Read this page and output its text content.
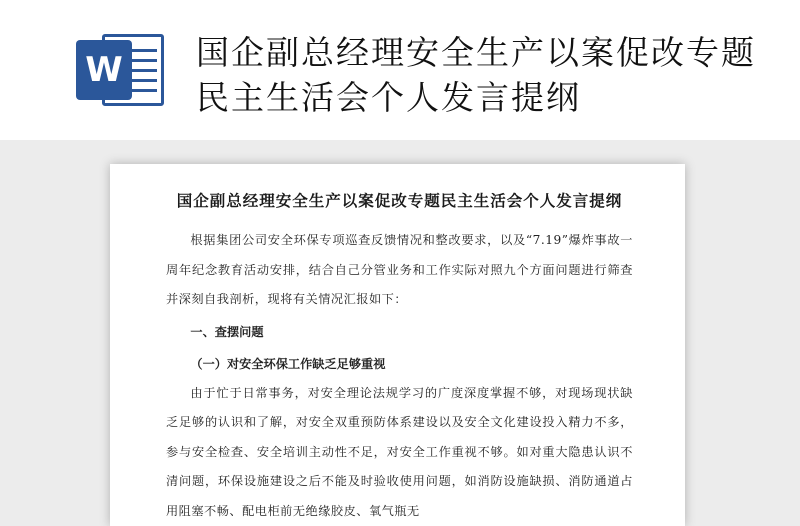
W 国企副总经理安全生产以案促改专题民主生活会个人发言提纲
国企副总经理安全生产以案促改专题民主生活会个人发言提纲

根据集团公司安全环保专项巡查反馈情况和整改要求，以及“7.19”爆炸事故一周年纪念教育活动安排，结合自己分管业务和工作实际对照九个方面问题进行筛查并深刻自我剖析，现将有关情况汇报如下：

一、查摆问题
（一）对安全环保工作缺乏足够重视

由于忙于日常事务，对安全理论法规学习的广度深度掌握不够，对现场现状缺乏足够的认识和了解，对安全双重预防体系建设以及安全文化建设投入精力不多，参与安全检查、安全培训主动性不足，对安全工作重视不够。如对重大隐患认识不清问题，环保设施建设之后不能及时验收使用问题，如消防设施缺损、消防通道占用阻塞不畅、配电柜前无绝缘胶皮、氧气瓶无
